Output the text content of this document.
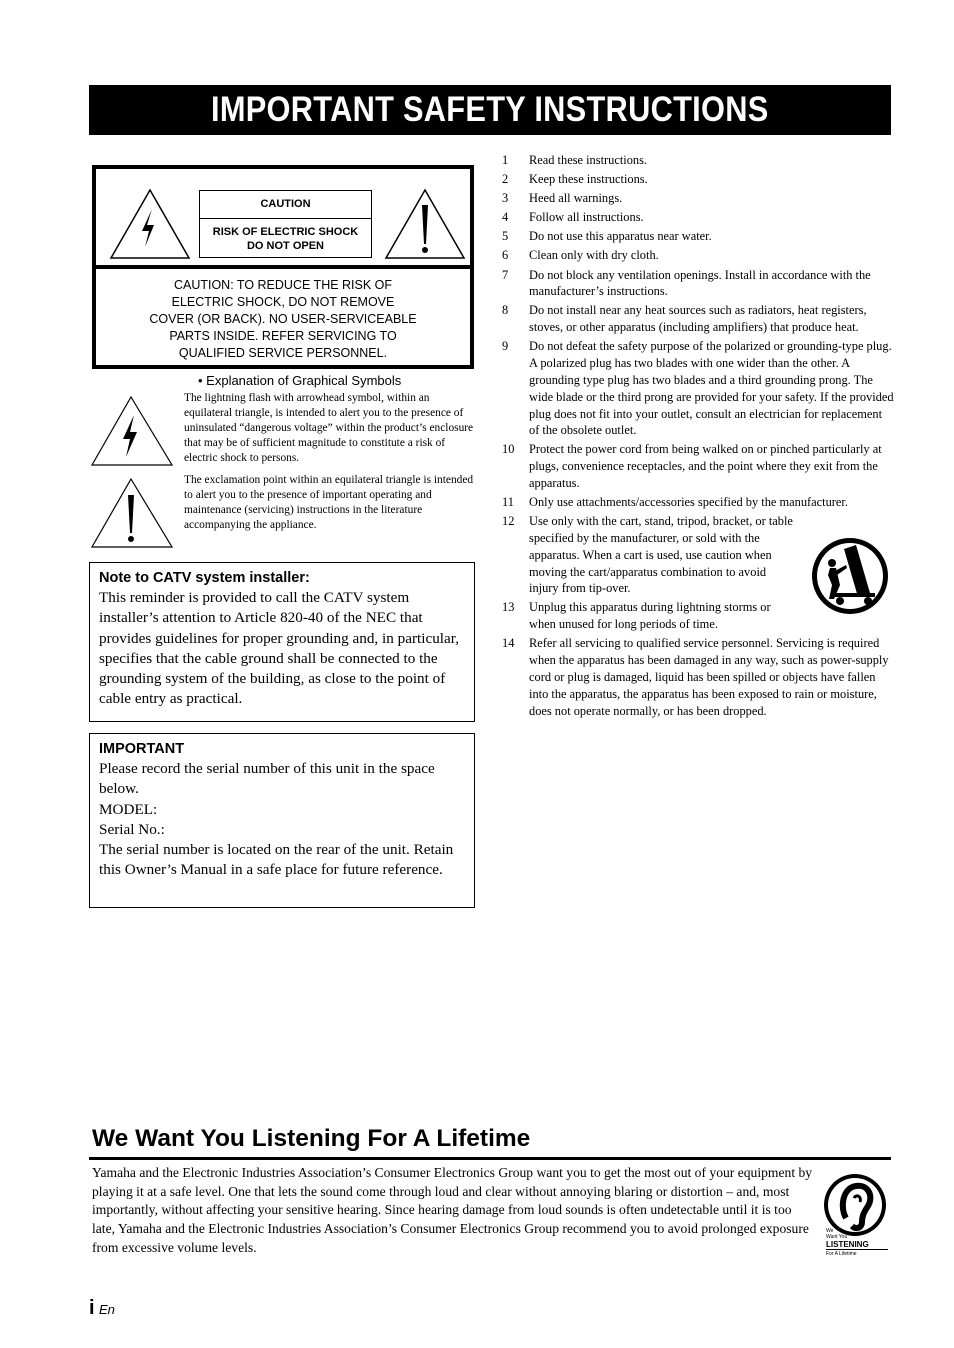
IMPORTANT SAFETY INSTRUCTIONS
CAUTION
RISK OF ELECTRIC SHOCK
DO NOT OPEN
CAUTION: TO REDUCE THE RISK OF
ELECTRIC SHOCK, DO NOT REMOVE
COVER (OR BACK). NO USER-SERVICEABLE
PARTS INSIDE. REFER SERVICING TO
QUALIFIED SERVICE PERSONNEL.
• Explanation of Graphical Symbols

The lightning flash with arrowhead symbol, within an equilateral triangle, is intended to alert you to the presence of uninsulated “dangerous voltage” within the product’s enclosure that may be of sufficient magnitude to constitute a risk of electric shock to persons.

The exclamation point within an equilateral triangle is intended to alert you to the presence of important operating and maintenance (servicing) instructions in the literature accompanying the appliance.

Note to CATV system installer:

This reminder is provided to call the CATV system installer’s attention to Article 820-40 of the NEC that provides guidelines for proper grounding and, in particular, specifies that the cable ground shall be connected to the grounding system of the building, as close to the point of cable entry as practical.

IMPORTANT

Please record the serial number of this unit in the space below.

MODEL:

Serial No.:

The serial number is located on the rear of the unit. Retain this Owner’s Manual in a safe place for future reference.

1 Read these instructions.
2 Keep these instructions.
3 Heed all warnings.
4 Follow all instructions.
5 Do not use this apparatus near water.
6 Clean only with dry cloth.
7 Do not block any ventilation openings. Install in accordance with the manufacturer’s instructions.
8 Do not install near any heat sources such as radiators, heat registers, stoves, or other apparatus (including amplifiers) that produce heat.
9 Do not defeat the safety purpose of the polarized or grounding-type plug. A polarized plug has two blades with one wider than the other. A grounding type plug has two blades and a third grounding prong. The wide blade or the third prong are provided for your safety. If the provided plug does not fit into your outlet, consult an electrician for replacement of the obsolete outlet.
10 Protect the power cord from being walked on or pinched particularly at plugs, convenience receptacles, and the point where they exit from the apparatus.
11 Only use attachments/accessories specified by the manufacturer.
12 Use only with the cart, stand, tripod, bracket, or table specified by the manufacturer, or sold with the apparatus. When a cart is used, use caution when moving the cart/apparatus combination to avoid injury from tip-over.
13 Unplug this apparatus during lightning storms or when unused for long periods of time.
14 Refer all servicing to qualified service personnel. Servicing is required when the apparatus has been damaged in any way, such as power-supply cord or plug is damaged, liquid has been spilled or objects have fallen into the apparatus, the apparatus has been exposed to rain or moisture, does not operate normally, or has been dropped.
We Want You Listening For A Lifetime

Yamaha and the Electronic Industries Association’s Consumer Electronics Group want you to get the most out of your equipment by playing it at a safe level. One that lets the sound come through loud and clear without annoying blaring or distortion – and, most importantly, without affecting your sensitive hearing. Since hearing damage from loud sounds is often undetectable until it is too late, Yamaha and the Electronic Industries Association’s Consumer Electronics Group recommend you to avoid prolonged exposure from excessive volume levels.

We
Want You
LISTENING
For A Lifetime
i En
